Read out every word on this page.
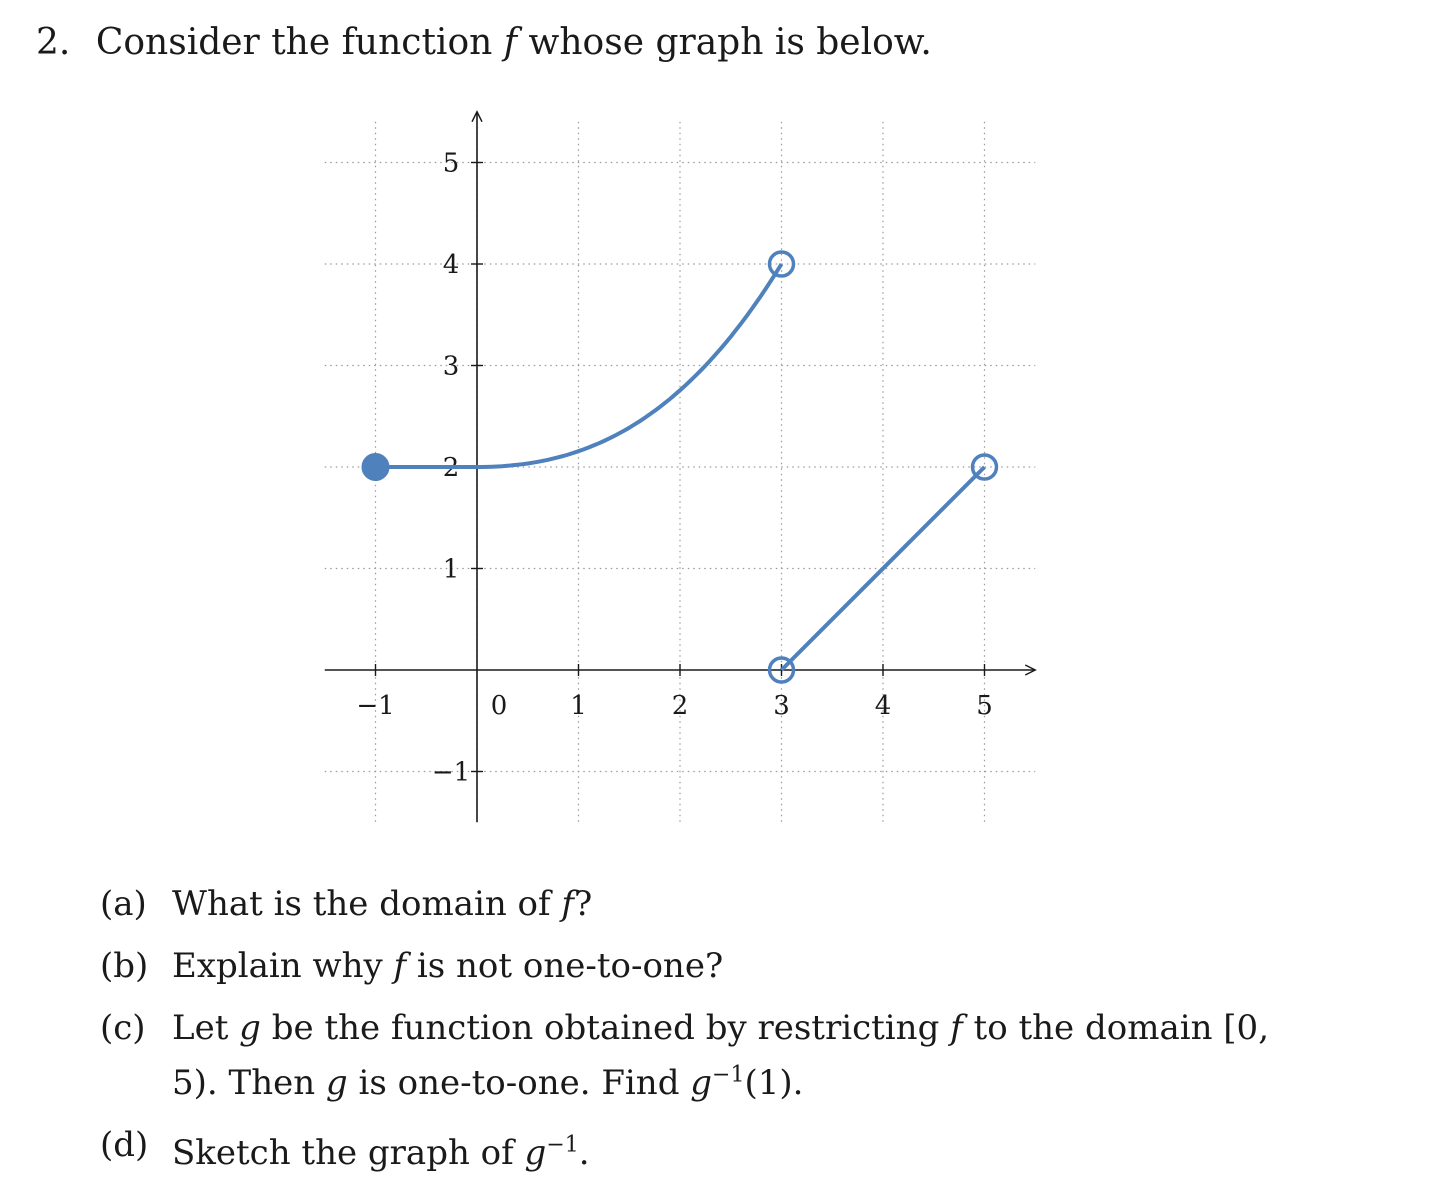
2. Consider the function f whose graph is below.
−1	0 1	2	3	4	5
−1
1
2
3
4
5
(a) What is the domain of f?
(b) Explain why f is not one-to-one?
(c) Let g be the function obtained by restricting f to the domain [0, 5). Then g is one-to-one. Find $g^{-1}(1)$.
(d) Sketch the graph of $g^{-1}$.
